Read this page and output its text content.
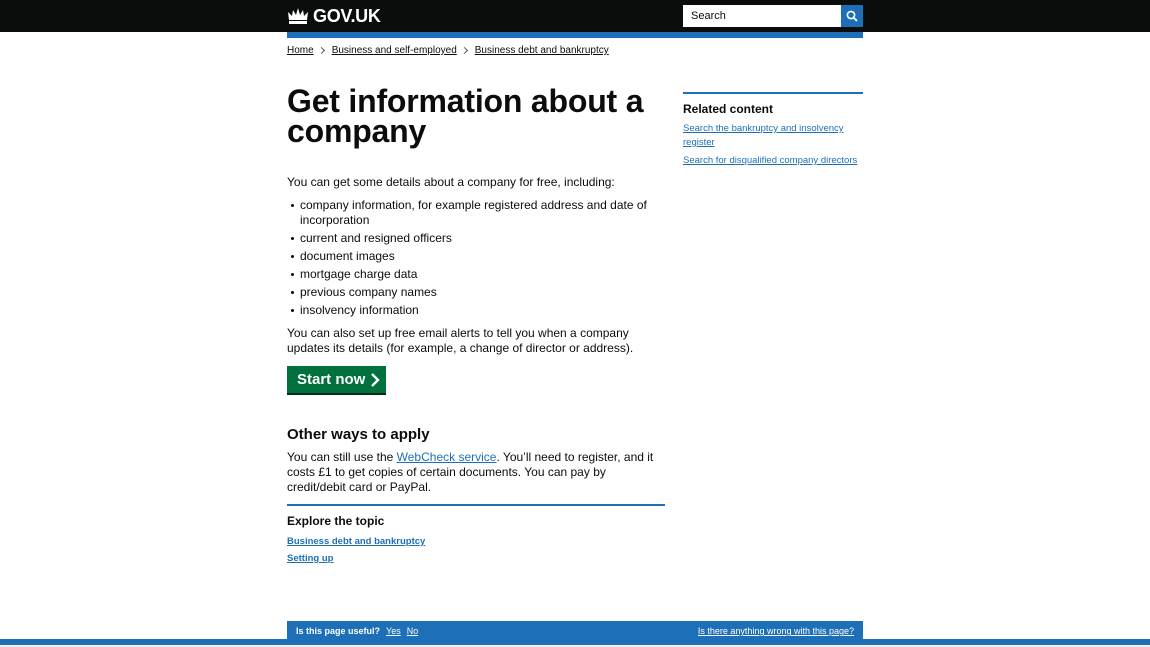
GOV.UK
Search
Home Business and self-employed Business debt and bankruptcy
Get information about a company

You can get some details about a company for free, including:

company information, for example registered address and date of incorporation
current and resigned officers
document images
mortgage charge data
previous company names
insolvency information

You can also set up free email alerts to tell you when a company updates its details (for example, a change of director or address).

Start now
Other ways to apply

You can still use the WebCheck service. You’ll need to register, and it costs £1 to get copies of certain documents. You can pay by credit/debit card or PayPal.

Explore the topic
Business debt and bankruptcy
Setting up
Related content
Search the bankruptcy and insolvency register
Search for disqualified company directors
Is this page useful? Yes No	Is there anything wrong with this page?
